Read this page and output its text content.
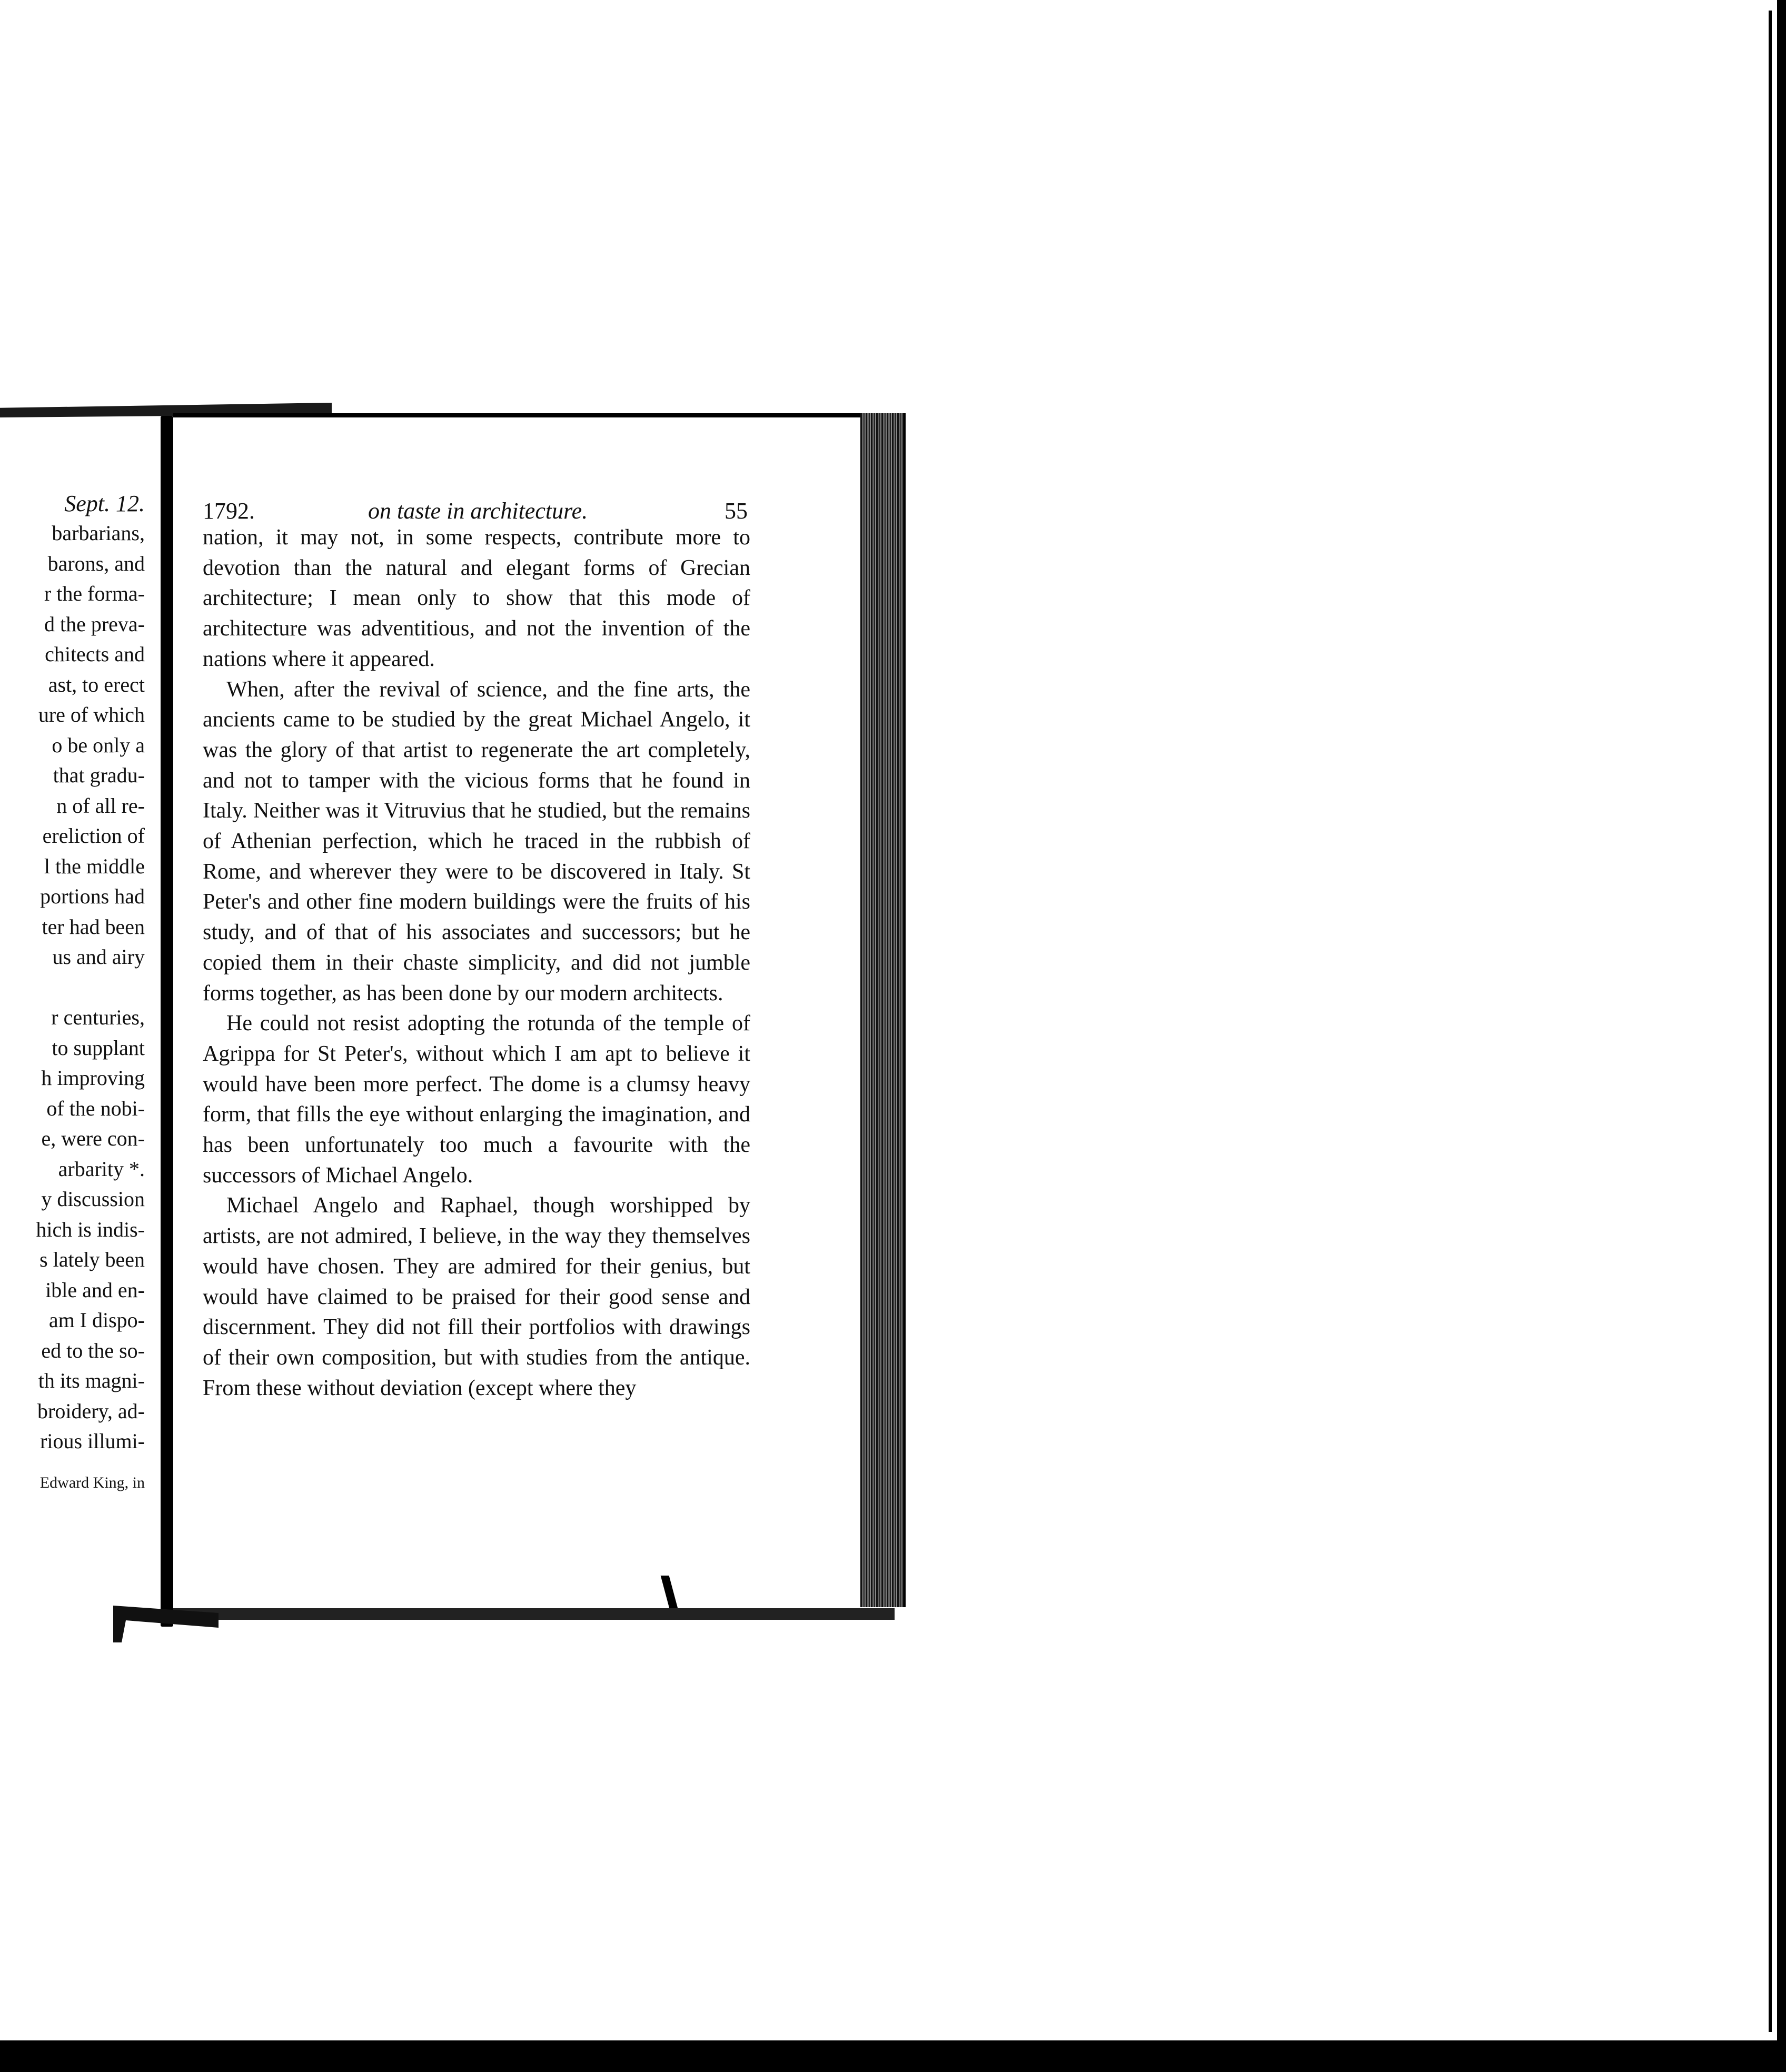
Sept. 12.
barbarians,
barons, and
r the forma-
d the preva-
chitects and
ast, to erect
ure of which
o be only a
that gradu-
n of all re-
ereliction of
l the middle
portions had
ter had been
us and airy
r centuries,
to supplant
h improving
of the nobi-
e, were con-
arbarity *.
y discussion
hich is indis-
s lately been
ible and en-
am I dispo-
ed to the so-
th its magni-
broidery, ad-
rious illumi-
Edward King, in
1792.	on taste in architecture.	55

nation, it may not, in some respects, contribute more to devotion than the natural and elegant forms of Grecian architecture; I mean only to show that this mode of architecture was adventitious, and not the invention of the nations where it appeared.

When, after the revival of science, and the fine arts, the ancients came to be studied by the great Michael Angelo, it was the glory of that artist to regenerate the art completely, and not to tamper with the vicious forms that he found in Italy. Neither was it Vitruvius that he studied, but the remains of Athenian perfection, which he traced in the rubbish of Rome, and wherever they were to be discovered in Italy. St Peter's and other fine modern buildings were the fruits of his study, and of that of his associates and successors; but he copied them in their chaste simplicity, and did not jumble forms together, as has been done by our modern architects.

He could not resist adopting the rotunda of the temple of Agrippa for St Peter's, without which I am apt to believe it would have been more perfect. The dome is a clumsy heavy form, that fills the eye without enlarging the imagination, and has been unfortunately too much a favourite with the successors of Michael Angelo.

Michael Angelo and Raphael, though worshipped by artists, are not admired, I believe, in the way they themselves would have chosen. They are admired for their genius, but would have claimed to be praised for their good sense and discernment. They did not fill their portfolios with drawings of their own composition, but with studies from the antique. From these without deviation (except where they
